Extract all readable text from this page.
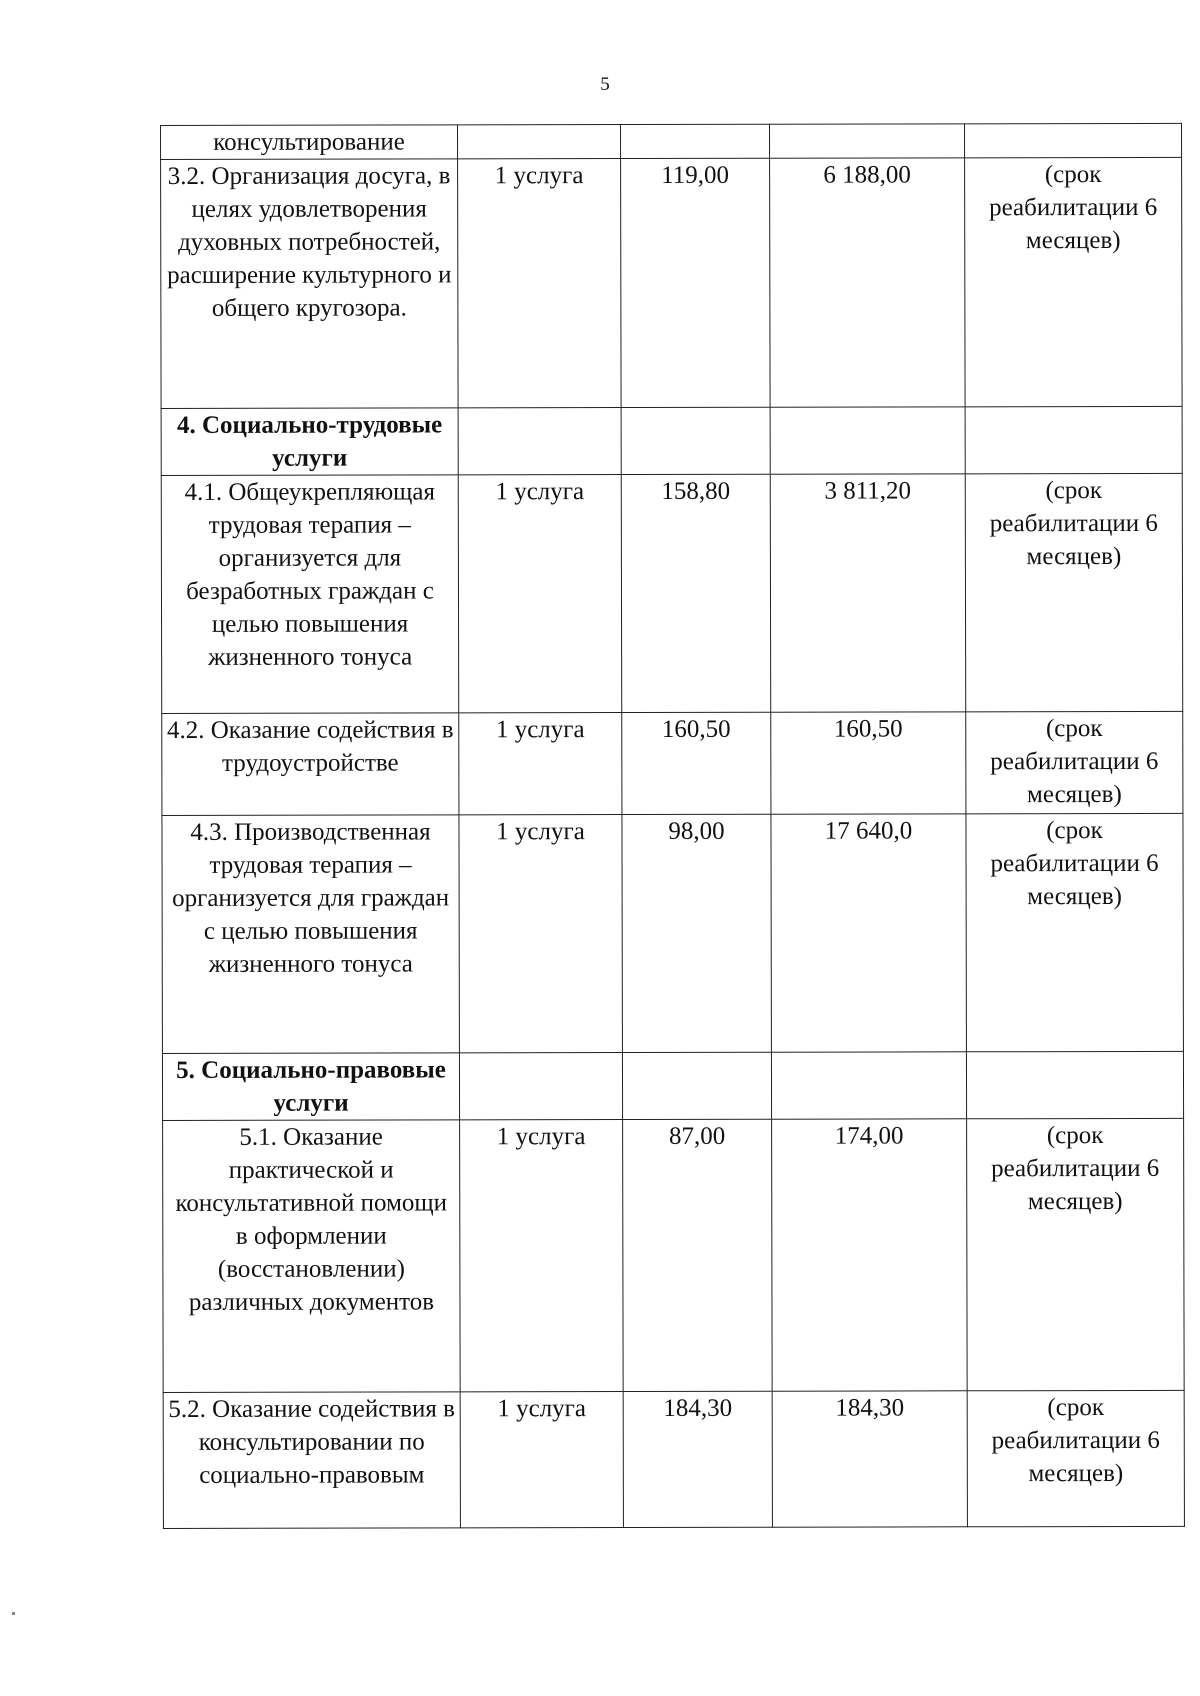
5
консультирование				
3.2. Организация досуга, в целях удовлетворения духовных потребностей, расширение культурного и общего кругозора.	1 услуга	119,00	6 188,00	(срок реабилитации 6 месяцев)
4. Социально-трудовые услуги				
4.1. Общеукрепляющая трудовая терапия – организуется для безработных граждан с целью повышения жизненного тонуса	1 услуга	158,80	3 811,20	(срок реабилитации 6 месяцев)
4.2. Оказание содействия в трудоустройстве	1 услуга	160,50	160,50	(срок реабилитации 6 месяцев)
4.3. Производственная трудовая терапия – организуется для граждан с целью повышения жизненного тонуса	1 услуга	98,00	17 640,0	(срок реабилитации 6 месяцев)
5. Социально-правовые услуги				
5.1. Оказание практической и консультативной помощи в оформлении (восстановлении) различных документов	1 услуга	87,00	174,00	(срок реабилитации 6 месяцев)
5.2. Оказание содействия в консультировании по социально-правовым	1 услуга	184,30	184,30	(срок реабилитации 6 месяцев)
